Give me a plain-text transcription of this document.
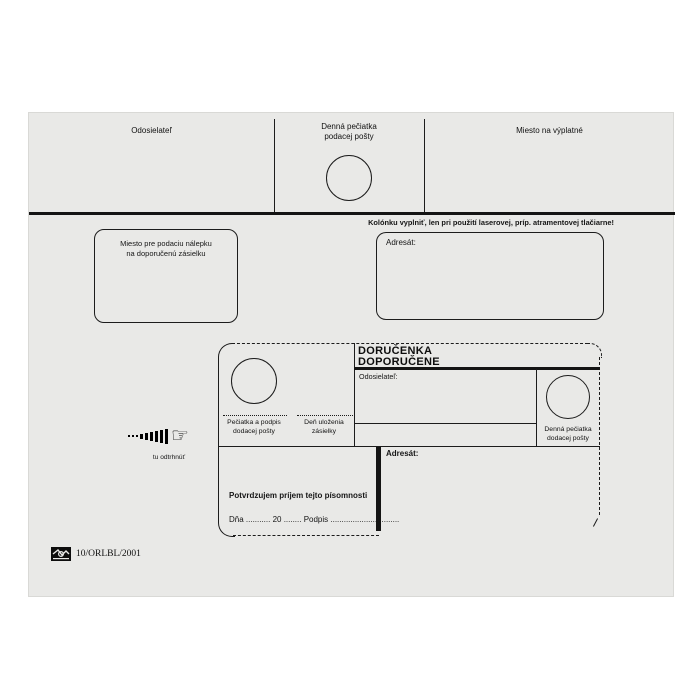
Odosielateľ	Denná pečiatka
podacej pošty
Miesto na výplatné
Kolónku vyplniť, len pri použití laserovej, príp. atramentovej tlačiarne!
Miesto pre podaciu nálepku
na doporučenú zásielku
Adresát:
Pečiatka a podpis
dodacej pošty
Deň uloženia
zásielky
DORUČENKA
DOPORUČENE
Odosielateľ:
Denná pečiatka
dodacej pošty
Adresát:
Potvrdzujem príjem tejto písomnosti
Dňa ........... 20 ........ Podpis ...............................
☞
tu odtrhnúť
10/ORLBL/2001
